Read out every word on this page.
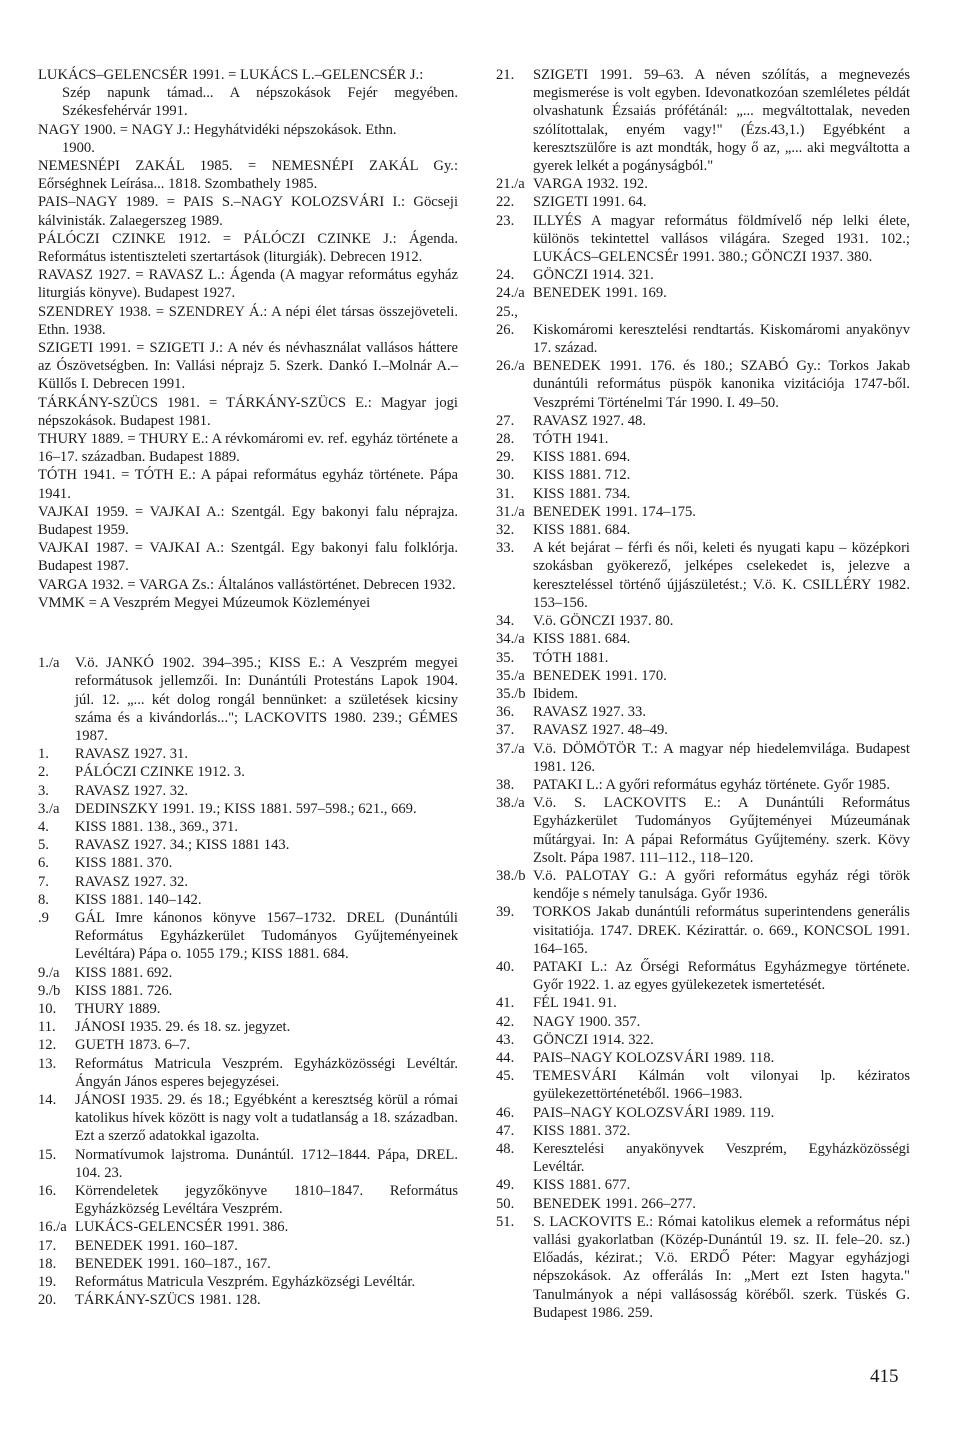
LUKÁCS–GELENCSÉR 1991. = LUKÁCS L.–GELENCSÉR J.:
Szép napunk támad... A népszokások Fejér megyében. Székesfehérvár 1991.

NAGY 1900. = NAGY J.: Hegyhátvidéki népszokások. Ethn.
1900.

NEMESNÉPI ZAKÁL 1985. = NEMESNÉPI ZAKÁL Gy.: Eőrséghnek Leírása... 1818. Szombathely 1985.

PAIS–NAGY 1989. = PAIS S.–NAGY KOLOZSVÁRI I.: Göcseji kálvinisták. Zalaegerszeg 1989.

PÁLÓCZI CZINKE 1912. = PÁLÓCZI CZINKE J.: Ágenda. Református istentiszteleti szertartások (liturgiák). Debrecen 1912.

RAVASZ 1927. = RAVASZ L.: Ágenda (A magyar református egyház liturgiás könyve). Budapest 1927.

SZENDREY 1938. = SZENDREY Á.: A népi élet társas összejöveteli. Ethn. 1938.

SZIGETI 1991. = SZIGETI J.: A név és névhasználat vallásos háttere az Ószövetségben. In: Vallási néprajz 5. Szerk. Dankó I.–Molnár A.–Küllős I. Debrecen 1991.

TÁRKÁNY-SZÜCS 1981. = TÁRKÁNY-SZÜCS E.: Magyar jogi népszokások. Budapest 1981.

THURY 1889. = THURY E.: A révkomáromi ev. ref. egyház története a 16–17. században. Budapest 1889.

TÓTH 1941. = TÓTH E.: A pápai református egyház története. Pápa 1941.

VAJKAI 1959. = VAJKAI A.: Szentgál. Egy bakonyi falu néprajza. Budapest 1959.

VAJKAI 1987. = VAJKAI A.: Szentgál. Egy bakonyi falu folklórja. Budapest 1987.

VARGA 1932. = VARGA Zs.: Általános vallástörténet. Debrecen 1932.

VMMK = A Veszprém Megyei Múzeumok Közleményei

1./a	V.ö. JANKÓ 1902. 394–395.; KISS E.: A Veszprém megyei reformátusok jellemzői. In: Dunántúli Protestáns Lapok 1904. júl. 12. „... két dolog rongál bennünket: a születések kicsiny száma és a kivándorlás..."; LACKOVITS 1980. 239.; GÉMES 1987.
1.	RAVASZ 1927. 31.
2.	PÁLÓCZI CZINKE 1912. 3.
3.	RAVASZ 1927. 32.
3./a	DEDINSZKY 1991. 19.; KISS 1881. 597–598.; 621., 669.
4.	KISS 1881. 138., 369., 371.
5.	RAVASZ 1927. 34.; KISS 1881 143.
6.	KISS 1881. 370.
7.	RAVASZ 1927. 32.
8.	KISS 1881. 140–142.
.9	GÁL Imre kánonos könyve 1567–1732. DREL (Dunántúli Református Egyházkerület Tudományos Gyűjteményeinek Levéltára) Pápa o. 1055 179.; KISS 1881. 684.
9./a	KISS 1881. 692.
9./b	KISS 1881. 726.
10.	THURY 1889.
11.	JÁNOSI 1935. 29. és 18. sz. jegyzet.
12.	GUETH 1873. 6–7.
13.	Református Matricula Veszprém. Egyházközösségi Levéltár. Ángyán János esperes bejegyzései.
14.	JÁNOSI 1935. 29. és 18.; Egyébként a keresztség körül a római katolikus hívek között is nagy volt a tudatlanság a 18. században. Ezt a szerző adatokkal igazolta.
15.	Normatívumok lajstroma. Dunántúl. 1712–1844. Pápa, DREL. 104. 23.
16.	Körrendeletek jegyzőkönyve 1810–1847. Református Egyházközség Levéltára Veszprém.
16./a LUKÁCS-GELENCSÉR 1991. 386.
17.	BENEDEK 1991. 160–187.
18.	BENEDEK 1991. 160–187., 167.
19.	Református Matricula Veszprém. Egyházközségi Levéltár.
20.	TÁRKÁNY-SZÜCS 1981. 128.
21.	SZIGETI 1991. 59–63. A néven szólítás, a megnevezés megismerése is volt egyben. Idevonatkozóan szemléletes példát olvashatunk Ézsaiás prófétánál: „... megváltottalak, neveden szólítottalak, enyém vagy!" (Ézs.43,1.) Egyébként a keresztszülőre is azt mondták, hogy ő az, „... aki megváltotta a gyerek lelkét a pogányságból."
21./a VARGA 1932. 192.
22.	SZIGETI 1991. 64.
23.	ILLYÉS A magyar református földmívelő nép lelki élete, különös tekintettel vallásos világára. Szeged 1931. 102.; LUKÁCS–GELENCSÉr 1991. 380.; GÖNCZI 1937. 380.
24.	GÖNCZI 1914. 321.
24./a BENEDEK 1991. 169.
25.,
26.	Kiskomáromi keresztelési rendtartás. Kiskomáromi anyakönyv 17. század.
26./a BENEDEK 1991. 176. és 180.; SZABÓ Gy.: Torkos Jakab dunántúli református püspök kanonika vizitációja 1747-ből. Veszprémi Történelmi Tár 1990. I. 49–50.
27.	RAVASZ 1927. 48.
28.	TÓTH 1941.
29.	KISS 1881. 694.
30.	KISS 1881. 712.
31.	KISS 1881. 734.
31./a BENEDEK 1991. 174–175.
32.	KISS 1881. 684.
33.	A két bejárat – férfi és női, keleti és nyugati kapu – középkori szokásban gyökerező, jelképes cselekedet is, jelezve a kereszteléssel történő újjászületést.; V.ö. K. CSILLÉRY 1982. 153–156.
34.	V.ö. GÖNCZI 1937. 80.
34./a KISS 1881. 684.
35.	TÓTH 1881.
35./a BENEDEK 1991. 170.
35./b Ibidem.
36.	RAVASZ 1927. 33.
37.	RAVASZ 1927. 48–49.
37./a V.ö. DÖMÖTÖR T.: A magyar nép hiedelemvilága. Budapest 1981. 126.
38.	PATAKI L.: A győri református egyház története. Győr 1985.
38./a V.ö. S. LACKOVITS E.: A Dunántúli Református Egyházkerület Tudományos Gyűjteményei Múzeumának műtárgyai. In: A pápai Református Gyűjtemény. szerk. Kövy Zsolt. Pápa 1987. 111–112., 118–120.
38./b V.ö. PALOTAY G.: A győri református egyház régi török kendője s némely tanulsága. Győr 1936.
39.	TORKOS Jakab dunántúli református superintendens generális visitatiója. 1747. DREK. Kézirattár. o. 669., KONCSOL 1991. 164–165.
40.	PATAKI L.: Az Őrségi Református Egyházmegye története. Győr 1922. 1. az egyes gyülekezetek ismertetését.
41.	FÉL 1941. 91.
42.	NAGY 1900. 357.
43.	GÖNCZI 1914. 322.
44.	PAIS–NAGY KOLOZSVÁRI 1989. 118.
45.	TEMESVÁRI Kálmán volt vilonyai lp. kéziratos gyülekezettörténetéből. 1966–1983.
46.	PAIS–NAGY KOLOZSVÁRI 1989. 119.
47.	KISS 1881. 372.
48.	Keresztelési anyakönyvek Veszprém, Egyházközösségi Levéltár.
49.	KISS 1881. 677.
50.	BENEDEK 1991. 266–277.
51.	S. LACKOVITS E.: Római katolikus elemek a református népi vallási gyakorlatban (Közép-Dunántúl 19. sz. II. fele–20. sz.) Előadás, kézirat.; V.ö. ERDŐ Péter: Magyar egyházjogi népszokások. Az offerálás In: „Mert ezt Isten hagyta." Tanulmányok a népi vallásosság köréből. szerk. Tüskés G. Budapest 1986. 259.
415
